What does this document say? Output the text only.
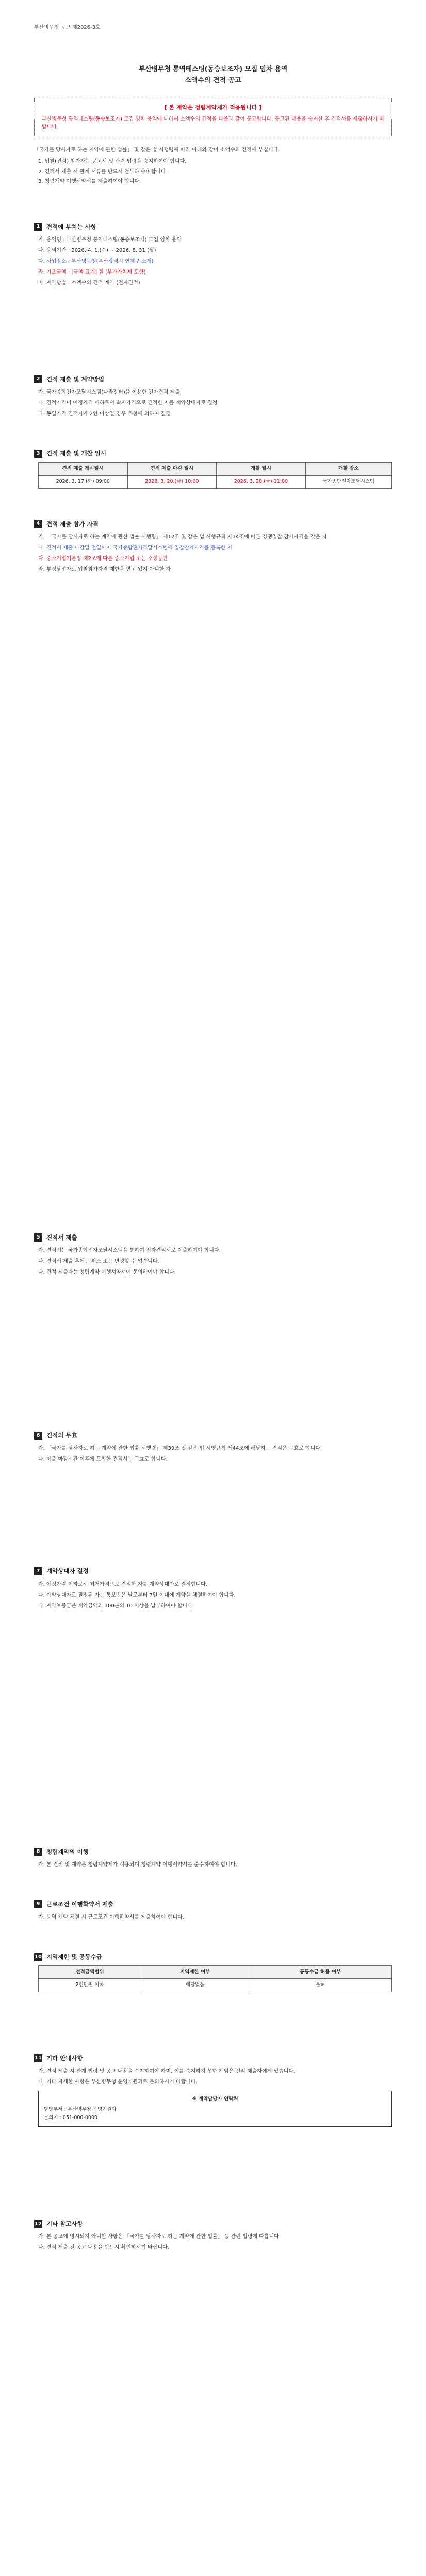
부산병무청 공고 제2026-3호
부산병무청 통역테스팅(동승보조자) 모집 임차 용역
소액수의 견적 공고
[ 본 계약은 청렴계약제가 적용됩니다 ]
부산병무청 통역테스팅(동승보조자) 모집 임차 용역에 대하여 소액수의 견적을 다음과 같이 공고합니다. 공고된 내용을 숙지한 후 견적서를 제출하시기 바랍니다.

「국가를 당사자로 하는 계약에 관한 법률」 및 같은 법 시행령에 따라 아래와 같이 소액수의 견적에 부칩니다.

1. 입찰(견적) 참가자는 공고서 및 관련 법령을 숙지하여야 합니다.
2. 견적서 제출 시 관계 서류를 반드시 첨부하여야 합니다.
3. 청렴계약 이행서약서를 제출하여야 합니다.
1	견적에 부치는 사항

가. 용역명 : 부산병무청 통역테스팅(동승보조자) 모집 임차 용역

나. 용역기간 : 2026. 4. 1.(수) ~ 2026. 8. 31.(월)

다. 사업장소 : 부산병무청(부산광역시 연제구 소재)

라. 기초금액 : [금액 표기] 원 (부가가치세 포함)

마. 계약방법 : 소액수의 견적 계약 (전자견적)

2	견적 제출 및 계약방법

가. 국가종합전자조달시스템(나라장터)을 이용한 전자견적 제출

나. 견적가격이 예정가격 이하로서 최저가격으로 견적한 자를 계약상대자로 결정

다. 동일가격 견적자가 2인 이상일 경우 추첨에 의하여 결정

3	견적 제출 및 개찰 일시
견적 제출 개시일시	견적 제출 마감 일시	개찰 일시	개찰 장소
2026. 3. 17.(화) 09:00	2026. 3. 20.(금) 10:00	2026. 3. 20.(금) 11:00	국가종합전자조달시스템
4	견적 제출 참가 자격

가. 「국가를 당사자로 하는 계약에 관한 법률 시행령」 제12조 및 같은 법 시행규칙 제14조에 따른 경쟁입찰 참가자격을 갖춘 자

나. 견적서 제출 마감일 전일까지 국가종합전자조달시스템에 입찰참가자격을 등록한 자

다. 중소기업기본법 제2조에 따른 중소기업 또는 소상공인

라. 부정당업자로 입찰참가자격 제한을 받고 있지 아니한 자

5	견적서 제출

가. 견적서는 국가종합전자조달시스템을 통하여 전자견적서로 제출하여야 합니다.

나. 견적서 제출 후에는 취소 또는 변경할 수 없습니다.

다. 견적 제출자는 청렴계약 이행서약서에 동의하여야 합니다.

6	견적의 무효

가. 「국가를 당사자로 하는 계약에 관한 법률 시행령」 제39조 및 같은 법 시행규칙 제44조에 해당하는 견적은 무효로 합니다.

나. 제출 마감시간 이후에 도착한 견적서는 무효로 합니다.

7	계약상대자 결정

가. 예정가격 이하로서 최저가격으로 견적한 자를 계약상대자로 결정합니다.

나. 계약상대자로 결정된 자는 통보받은 날로부터 7일 이내에 계약을 체결하여야 합니다.

다. 계약보증금은 계약금액의 100분의 10 이상을 납부하여야 합니다.

8	청렴계약의 이행

가. 본 견적 및 계약은 청렴계약제가 적용되며 청렴계약 이행서약서를 준수하여야 합니다.

9	근로조건 이행확약서 제출

가. 용역 계약 체결 시 근로조건 이행확약서를 제출하여야 합니다.

10 지역제한 및 공동수급
견적금액범위	지역제한 여부	공동수급 허용 여부
2천만원 이하	해당없음	불허
11 기타 안내사항

가. 견적 제출 시 관계 법령 및 공고 내용을 숙지하여야 하며, 이를 숙지하지 못한 책임은 견적 제출자에게 있습니다.

나. 기타 자세한 사항은 부산병무청 운영지원과로 문의하시기 바랍니다.

※ 계약담당자 연락처
담당부서 : 부산병무청 운영지원과
문의처 : 051-000-0000
12 기타 참고사항

가. 본 공고에 명시되지 아니한 사항은 「국가를 당사자로 하는 계약에 관한 법률」 등 관련 법령에 따릅니다.

나. 견적 제출 전 공고 내용을 반드시 확인하시기 바랍니다.
